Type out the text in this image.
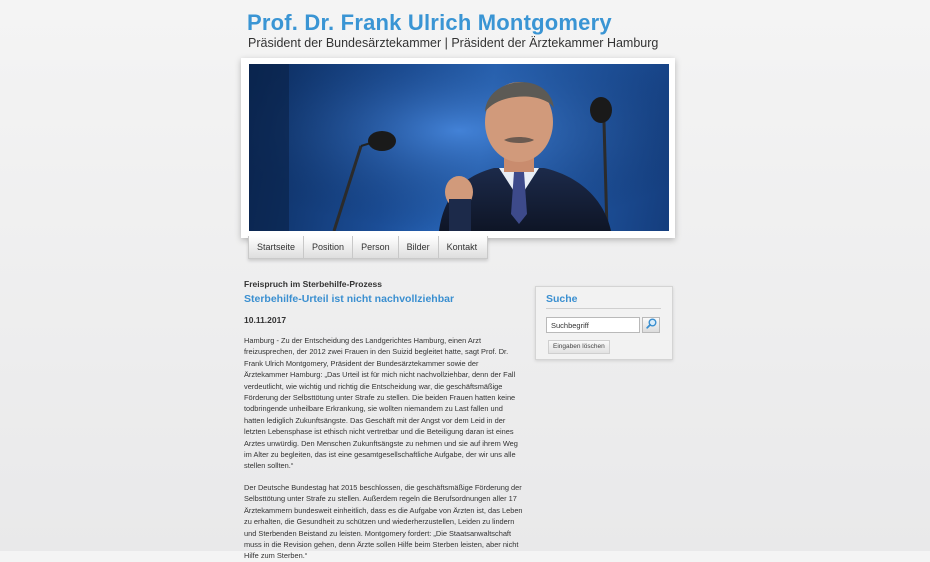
Prof. Dr. Frank Ulrich Montgomery
Präsident der Bundesärztekammer | Präsident der Ärztekammer Hamburg
Startseite	Position	Person	Bilder	Kontakt
Freispruch im Sterbehilfe-Prozess
Sterbehilfe-Urteil ist nicht nachvollziehbar
10.11.2017

Hamburg - Zu der Entscheidung des Landgerichtes Hamburg, einen Arzt freizusprechen, der 2012 zwei Frauen in den Suizid begleitet hatte, sagt Prof. Dr. Frank Ulrich Montgomery, Präsident der Bundesärztekammer sowie der Ärztekammer Hamburg: „Das Urteil ist für mich nicht nachvollziehbar, denn der Fall verdeutlicht, wie wichtig und richtig die Entscheidung war, die geschäftsmäßige Förderung der Selbsttötung unter Strafe zu stellen. Die beiden Frauen hatten keine todbringende unheilbare Erkrankung, sie wollten niemandem zu Last fallen und hatten lediglich Zukunftsängste. Das Geschäft mit der Angst vor dem Leid in der letzten Lebensphase ist ethisch nicht vertretbar und die Beteiligung daran ist eines Arztes unwürdig. Den Menschen Zukunftsängste zu nehmen und sie auf ihrem Weg im Alter zu begleiten, das ist eine gesamtgesellschaftliche Aufgabe, der wir uns alle stellen sollten.“

Der Deutsche Bundestag hat 2015 beschlossen, die geschäftsmäßige Förderung der Selbsttötung unter Strafe zu stellen. Außerdem regeln die Berufsordnungen aller 17 Ärztekammern bundesweit einheitlich, dass es die Aufgabe von Ärzten ist, das Leben zu erhalten, die Gesundheit zu schützen und wiederherzustellen, Leiden zu lindern und Sterbenden Beistand zu leisten. Montgomery fordert: „Die Staatsanwaltschaft muss in die Revision gehen, denn Ärzte sollen Hilfe beim Sterben leisten, aber nicht Hilfe zum Sterben.“

Suche
Suchbegriff
Eingaben löschen
